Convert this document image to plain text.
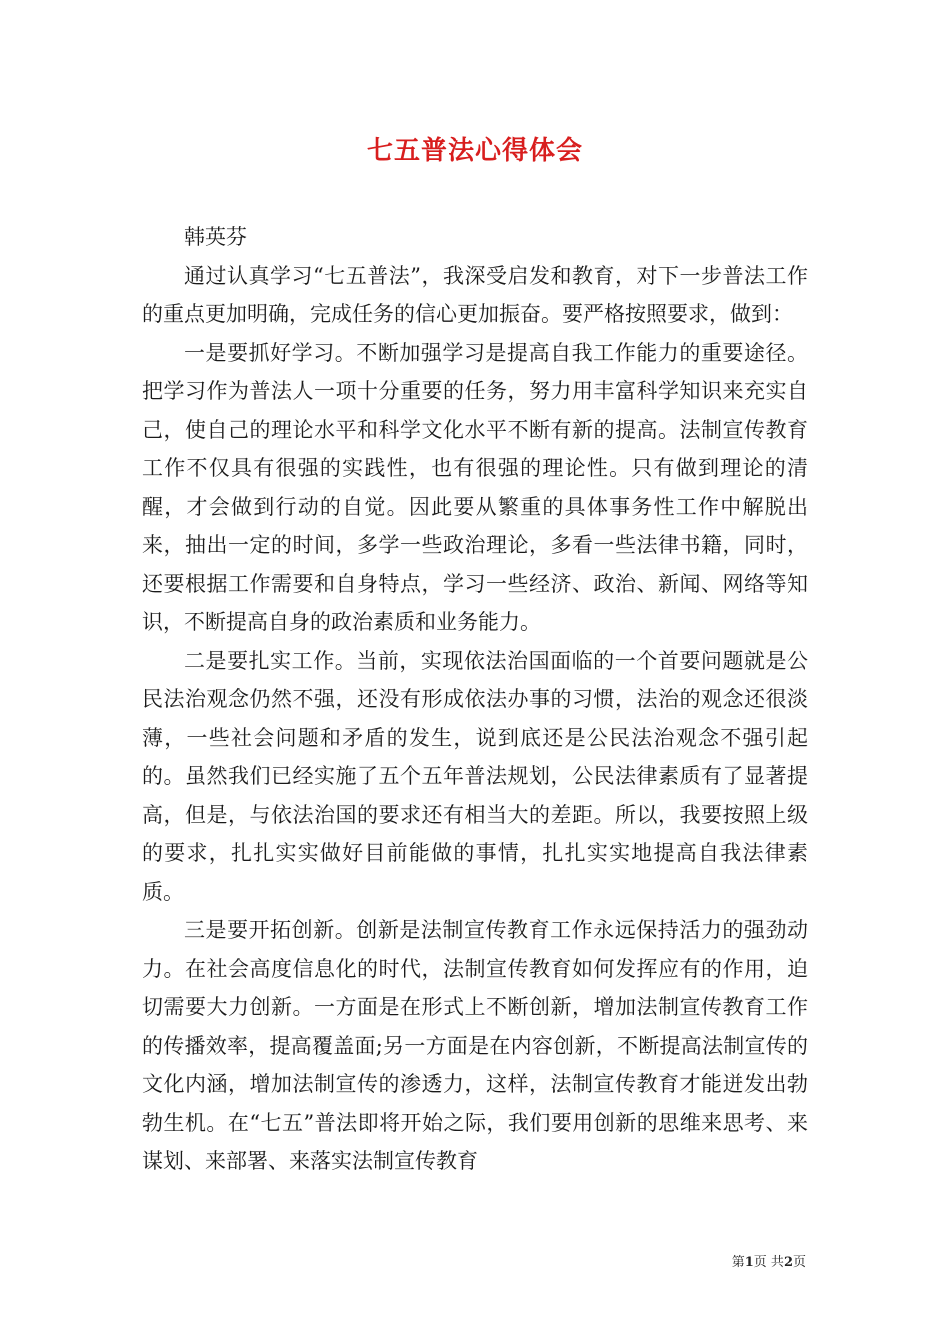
七五普法心得体会

韩英芬

通过认真学习“七五普法”，我深受启发和教育，对下一步普法工作的重点更加明确，完成任务的信心更加振奋。要严格按照要求，做到：

一是要抓好学习。不断加强学习是提高自我工作能力的重要途径。把学习作为普法人一项十分重要的任务，努力用丰富科学知识来充实自己，使自己的理论水平和科学文化水平不断有新的提高。法制宣传教育工作不仅具有很强的实践性，也有很强的理论性。只有做到理论的清醒，才会做到行动的自觉。因此要从繁重的具体事务性工作中解脱出来，抽出一定的时间，多学一些政治理论，多看一些法律书籍，同时，还要根据工作需要和自身特点，学习一些经济、政治、新闻、网络等知识，不断提高自身的政治素质和业务能力。

二是要扎实工作。当前，实现依法治国面临的一个首要问题就是公民法治观念仍然不强，还没有形成依法办事的习惯，法治的观念还很淡薄，一些社会问题和矛盾的发生，说到底还是公民法治观念不强引起的。虽然我们已经实施了五个五年普法规划，公民法律素质有了显著提高，但是，与依法治国的要求还有相当大的差距。所以，我要按照上级的要求，扎扎实实做好目前能做的事情，扎扎实实地提高自我法律素质。

三是要开拓创新。创新是法制宣传教育工作永远保持活力的强劲动力。在社会高度信息化的时代，法制宣传教育如何发挥应有的作用，迫切需要大力创新。一方面是在形式上不断创新，增加法制宣传教育工作的传播效率，提高覆盖面;另一方面是在内容创新，不断提高法制宣传的文化内涵，增加法制宣传的渗透力，这样，法制宣传教育才能迸发出勃勃生机。在“七五”普法即将开始之际，我们要用创新的思维来思考、来谋划、来部署、来落实法制宣传教育

第1页 共2页
